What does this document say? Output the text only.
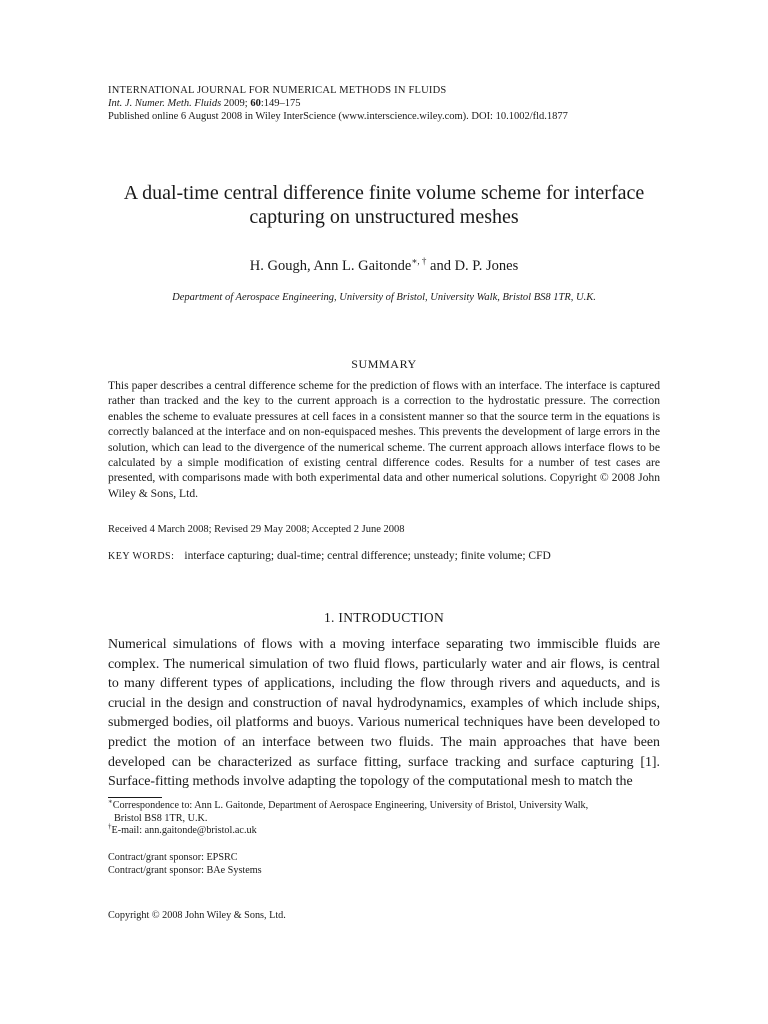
INTERNATIONAL JOURNAL FOR NUMERICAL METHODS IN FLUIDS
Int. J. Numer. Meth. Fluids 2009; 60:149–175
Published online 6 August 2008 in Wiley InterScience (www.interscience.wiley.com). DOI: 10.1002/fld.1877
A dual-time central difference finite volume scheme for interface
capturing on unstructured meshes
H. Gough, Ann L. Gaitonde∗, † and D. P. Jones
Department of Aerospace Engineering, University of Bristol, University Walk, Bristol BS8 1TR, U.K.
SUMMARY
This paper describes a central difference scheme for the prediction of flows with an interface. The interface is captured rather than tracked and the key to the current approach is a correction to the hydrostatic pressure. The correction enables the scheme to evaluate pressures at cell faces in a consistent manner so that the source term in the equations is correctly balanced at the interface and on non-equispaced meshes. This prevents the development of large errors in the solution, which can lead to the divergence of the numerical scheme. The current approach allows interface flows to be calculated by a simple modification of existing central difference codes. Results for a number of test cases are presented, with comparisons made with both experimental data and other numerical solutions. Copyright © 2008 John Wiley & Sons, Ltd.
Received 4 March 2008; Revised 29 May 2008; Accepted 2 June 2008
KEY WORDS: interface capturing; dual-time; central difference; unsteady; finite volume; CFD
1. INTRODUCTION
Numerical simulations of flows with a moving interface separating two immiscible fluids are complex. The numerical simulation of two fluid flows, particularly water and air flows, is central to many different types of applications, including the flow through rivers and aqueducts, and is crucial in the design and construction of naval hydrodynamics, examples of which include ships, submerged bodies, oil platforms and buoys. Various numerical techniques have been developed to predict the motion of an interface between two fluids. The main approaches that have been developed can be characterized as surface fitting, surface tracking and surface capturing [1]. Surface-fitting methods involve adapting the topology of the computational mesh to match the
∗Correspondence to: Ann L. Gaitonde, Department of Aerospace Engineering, University of Bristol, University Walk,
Bristol BS8 1TR, U.K.
†E-mail: ann.gaitonde@bristol.ac.uk
Contract/grant sponsor: EPSRC
Contract/grant sponsor: BAe Systems
Copyright © 2008 John Wiley & Sons, Ltd.
